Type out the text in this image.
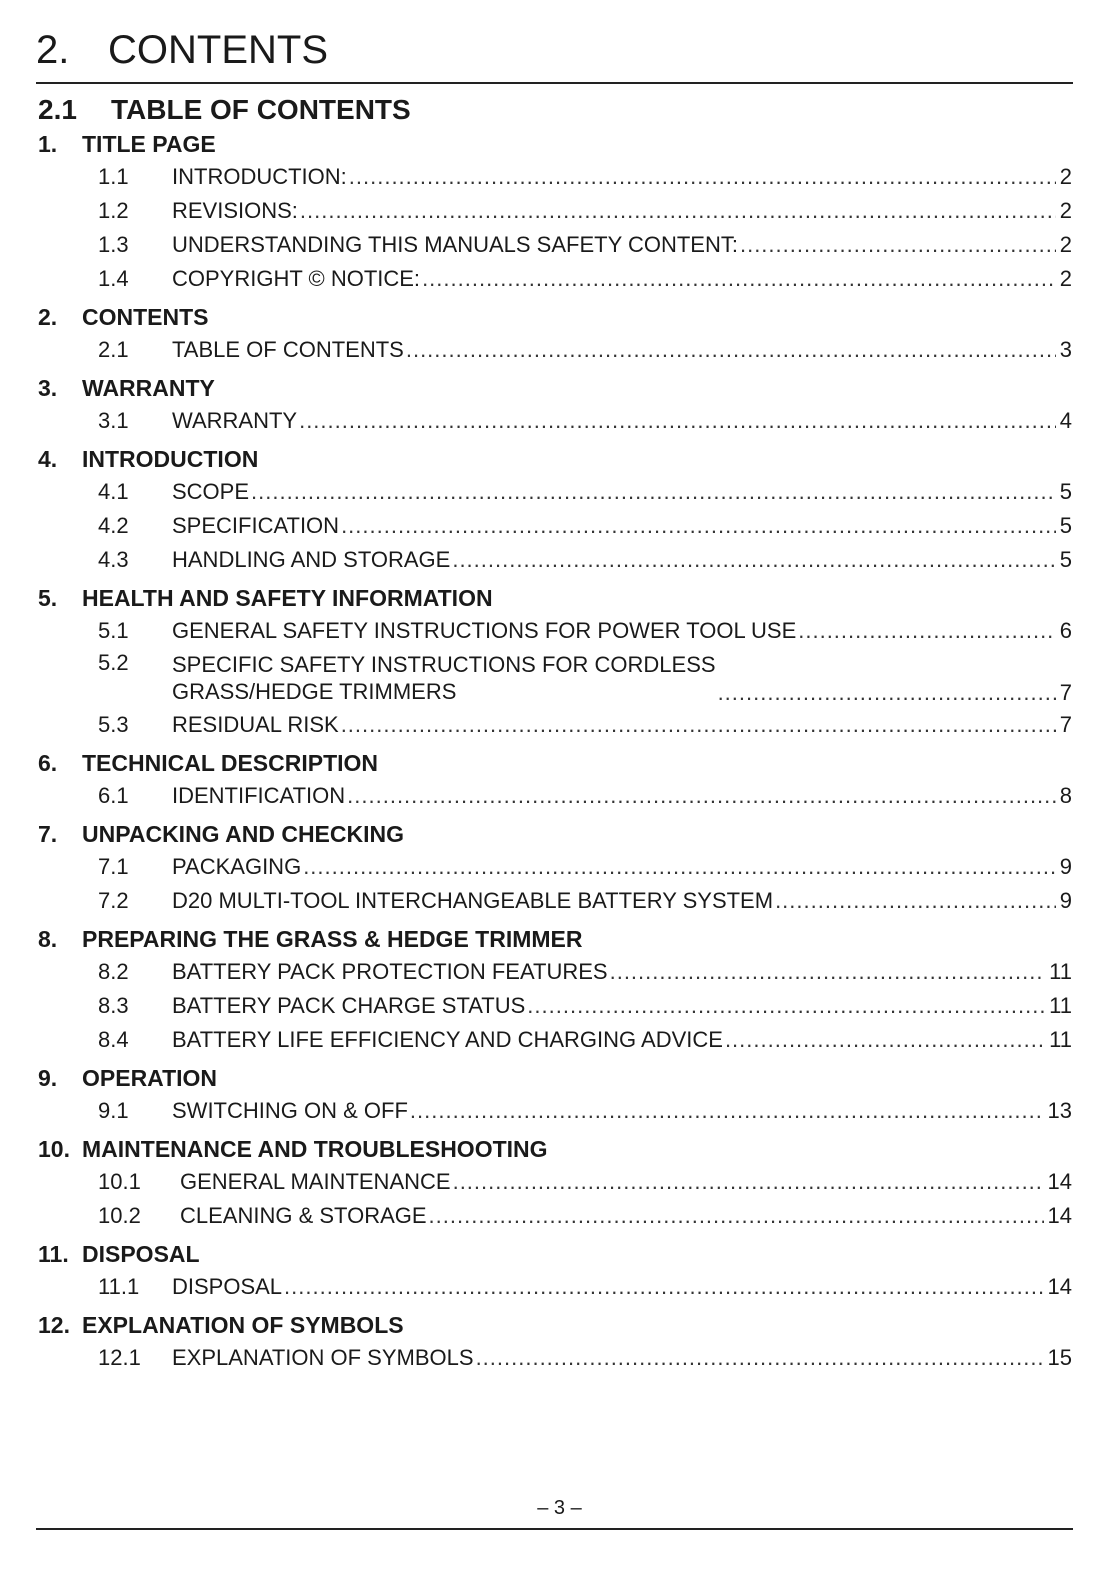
2. CONTENTS
2.1 TABLE OF CONTENTS
1. TITLE PAGE
1.1	INTRODUCTION: .....	2
1.2	REVISIONS: .....	2
1.3	UNDERSTANDING THIS MANUALS SAFETY CONTENT: .....	2
1.4	COPYRIGHT © NOTICE: .....	2
2. CONTENTS
2.1	TABLE OF CONTENTS .....	3
3. WARRANTY
3.1	WARRANTY .....	4
4. INTRODUCTION
4.1	SCOPE .....	5
4.2	SPECIFICATION .....	5
4.3	HANDLING AND STORAGE .....	5
5. HEALTH AND SAFETY INFORMATION
5.1	GENERAL SAFETY INSTRUCTIONS FOR POWER TOOL USE .....	6
5.2	SPECIFIC SAFETY INSTRUCTIONS FOR CORDLESS
GRASS/HEDGE TRIMMERS .....	7
5.3	RESIDUAL RISK .....	7
6. TECHNICAL DESCRIPTION
6.1	IDENTIFICATION .....	8
7. UNPACKING AND CHECKING
7.1	PACKAGING .....	9
7.2	D20 MULTI-TOOL INTERCHANGEABLE BATTERY SYSTEM .....	9
8. PREPARING THE GRASS & HEDGE TRIMMER
8.2	BATTERY PACK PROTECTION FEATURES .....	11
8.3	BATTERY PACK CHARGE STATUS .....	11
8.4	BATTERY LIFE EFFICIENCY AND CHARGING ADVICE .....	11
9. OPERATION
9.1	SWITCHING ON & OFF .....	13
10. MAINTENANCE AND TROUBLESHOOTING
10.1	GENERAL MAINTENANCE .....	14
10.2	CLEANING & STORAGE .....	14
11. DISPOSAL
11.1	DISPOSAL .....	14
12. EXPLANATION OF SYMBOLS
12.1	EXPLANATION OF SYMBOLS .....	15
– 3 –
